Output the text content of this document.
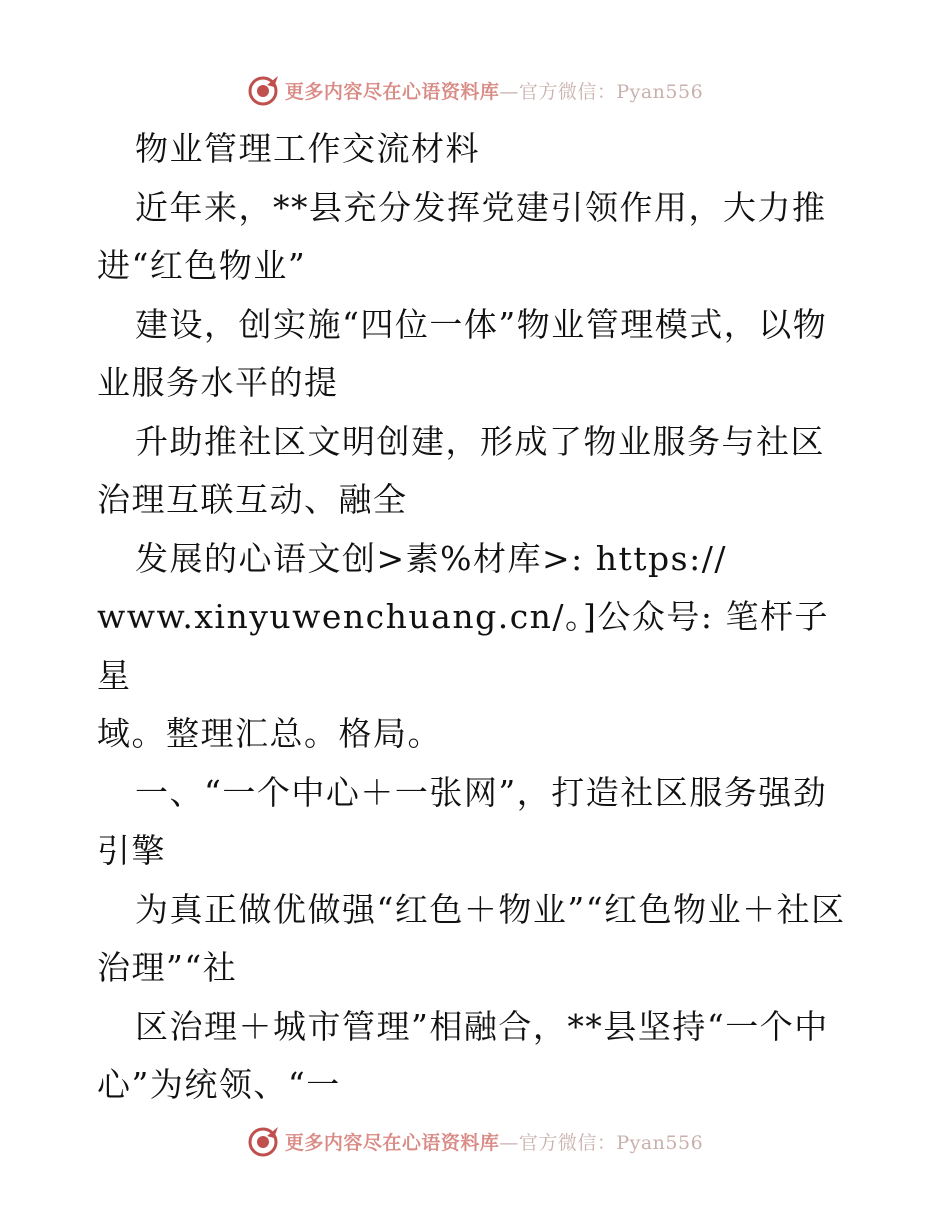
更多内容尽在心语资料库—官方微信：Pyan556

物业管理工作交流材料

近年来，**县充分发挥党建引领作用，大力推进“红色物业”

建设，创实施“四位一体”物业管理模式，以物业服务水平的提

升助推社区文明创建，形成了物业服务与社区治理互联互动、融全

发展的心语文创>素%材库>: https://

www.xinyuwenchuang.cn/。]公众号: 笔杆子星

域。整理汇总。格局。

一、“一个中心＋一张网”，打造社区服务强劲引擎

为真正做优做强“红色＋物业”“红色物业＋社区治理”“社

区治理＋城市管理”相融合，**县坚持“一个中心”为统领、“一

更多内容尽在心语资料库—官方微信：Pyan556
